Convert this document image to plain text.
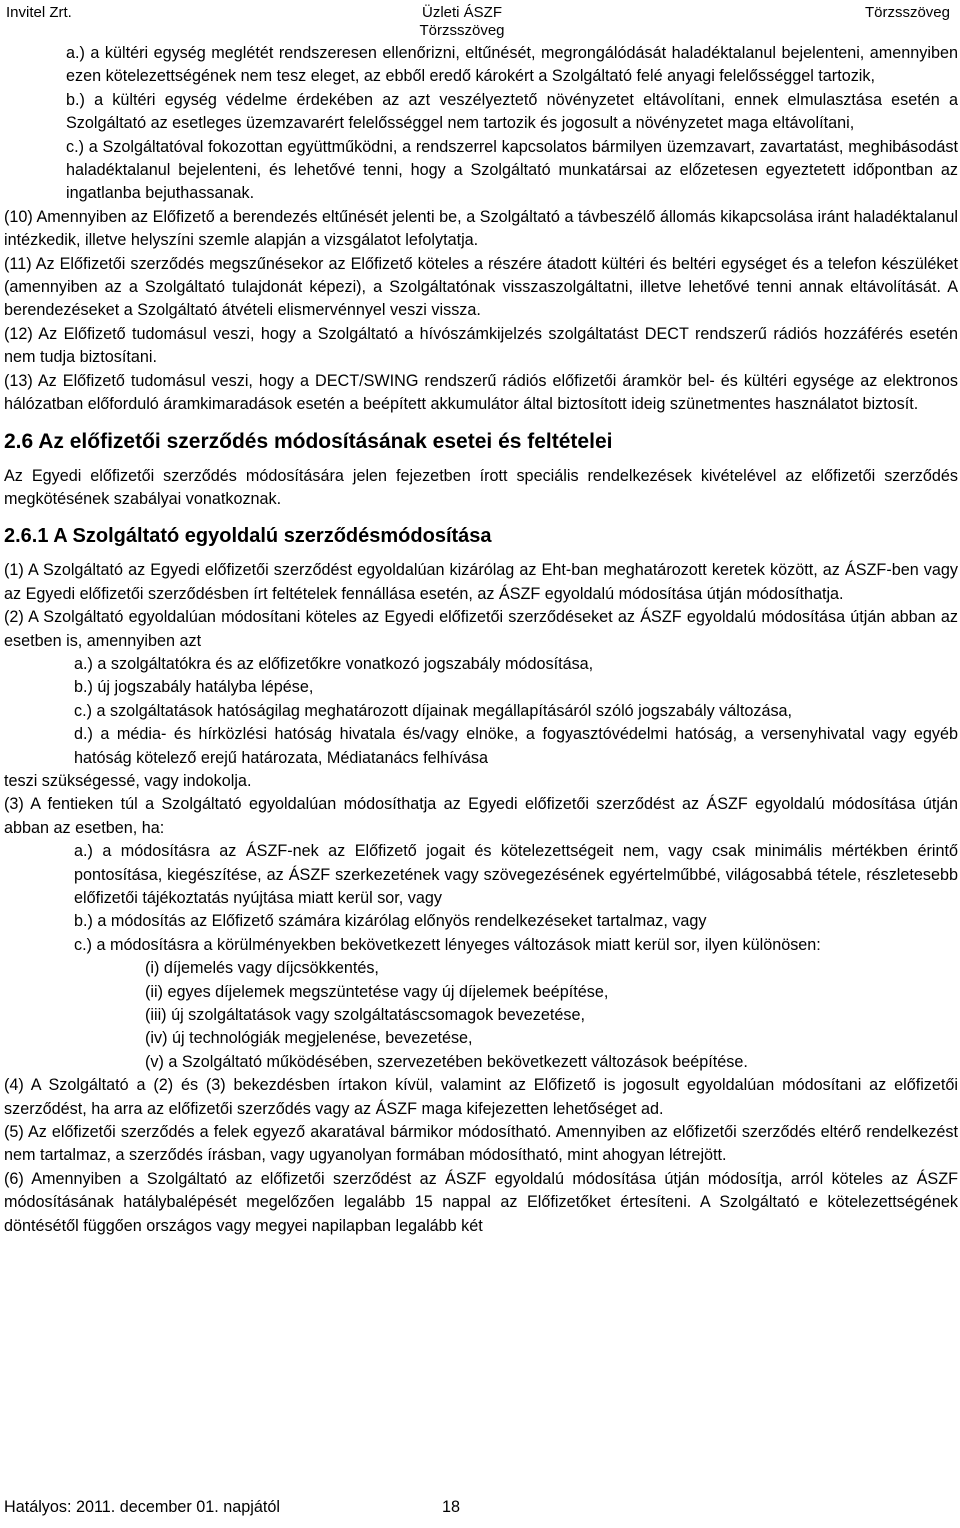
Invitel Zrt.	Üzleti ÁSZF
Törzsszöveg
Törzsszöveg

a.) a kültéri egység meglétét rendszeresen ellenőrizni, eltűnését, megrongálódását haladéktalanul bejelenteni, amennyiben ezen kötelezettségének nem tesz eleget, az ebből eredő károkért a Szolgáltató felé anyagi felelősséggel tartozik,

b.) a kültéri egység védelme érdekében az azt veszélyeztető növényzetet eltávolítani, ennek elmulasztása esetén a Szolgáltató az esetleges üzemzavarért felelősséggel nem tartozik és jogosult a növényzetet maga eltávolítani,

c.) a Szolgáltatóval fokozottan együttműködni, a rendszerrel kapcsolatos bármilyen üzemzavart, zavartatást, meghibásodást haladéktalanul bejelenteni, és lehetővé tenni, hogy a Szolgáltató munkatársai az előzetesen egyeztetett időpontban az ingatlanba bejuthassanak.

(10) Amennyiben az Előfizető a berendezés eltűnését jelenti be, a Szolgáltató a távbeszélő állomás kikapcsolása iránt haladéktalanul intézkedik, illetve helyszíni szemle alapján a vizsgálatot lefolytatja.

(11) Az Előfizetői szerződés megszűnésekor az Előfizető köteles a részére átadott kültéri és beltéri egységet és a telefon készüléket (amennyiben az a Szolgáltató tulajdonát képezi), a Szolgáltatónak visszaszolgáltatni, illetve lehetővé tenni annak eltávolítását. A berendezéseket a Szolgáltató átvételi elismervénnyel veszi vissza.

(12) Az Előfizető tudomásul veszi, hogy a Szolgáltató a hívószámkijelzés szolgáltatást DECT rendszerű rádiós hozzáférés esetén nem tudja biztosítani.

(13) Az Előfizető tudomásul veszi, hogy a DECT/SWING rendszerű rádiós előfizetői áramkör bel- és kültéri egysége az elektronos hálózatban előforduló áramkimaradások esetén a beépített akkumulátor által biztosított ideig szünetmentes használatot biztosít.

2.6 Az előfizetői szerződés módosításának esetei és feltételei

Az Egyedi előfizetői szerződés módosítására jelen fejezetben írott speciális rendelkezések kivételével az előfizetői szerződés megkötésének szabályai vonatkoznak.

2.6.1 A Szolgáltató egyoldalú szerződésmódosítása

(1) A Szolgáltató az Egyedi előfizetői szerződést egyoldalúan kizárólag az Eht-ban meghatározott keretek között, az ÁSZF-ben vagy az Egyedi előfizetői szerződésben írt feltételek fennállása esetén, az ÁSZF egyoldalú módosítása útján módosíthatja.

(2) A Szolgáltató egyoldalúan módosítani köteles az Egyedi előfizetői szerződéseket az ÁSZF egyoldalú módosítása útján abban az esetben is, amennyiben azt

a.) a szolgáltatókra és az előfizetőkre vonatkozó jogszabály módosítása,

b.) új jogszabály hatályba lépése,

c.) a szolgáltatások hatóságilag meghatározott díjainak megállapításáról szóló jogszabály változása,

d.) a média- és hírközlési hatóság hivatala és/vagy elnöke, a fogyasztóvédelmi hatóság, a versenyhivatal vagy egyéb hatóság kötelező erejű határozata, Médiatanács felhívása

teszi szükségessé, vagy indokolja.

(3) A fentieken túl a Szolgáltató egyoldalúan módosíthatja az Egyedi előfizetői szerződést az ÁSZF egyoldalú módosítása útján abban az esetben, ha:

a.) a módosításra az ÁSZF-nek az Előfizető jogait és kötelezettségeit nem, vagy csak minimális mértékben érintő pontosítása, kiegészítése, az ÁSZF szerkezetének vagy szövegezésének egyértelműbbé, világosabbá tétele, részletesebb előfizetői tájékoztatás nyújtása miatt kerül sor, vagy

b.) a módosítás az Előfizető számára kizárólag előnyös rendelkezéseket tartalmaz, vagy

c.) a módosításra a körülményekben bekövetkezett lényeges változások miatt kerül sor, ilyen különösen:

(i) díjemelés vagy díjcsökkentés,

(ii) egyes díjelemek megszüntetése vagy új díjelemek beépítése,

(iii) új szolgáltatások vagy szolgáltatáscsomagok bevezetése,

(iv) új technológiák megjelenése, bevezetése,

(v) a Szolgáltató működésében, szervezetében bekövetkezett változások beépítése.

(4) A Szolgáltató a (2) és (3) bekezdésben írtakon kívül, valamint az Előfizető is jogosult egyoldalúan módosítani az előfizetői szerződést, ha arra az előfizetői szerződés vagy az ÁSZF maga kifejezetten lehetőséget ad.

(5) Az előfizetői szerződés a felek egyező akaratával bármikor módosítható. Amennyiben az előfizetői szerződés eltérő rendelkezést nem tartalmaz, a szerződés írásban, vagy ugyanolyan formában módosítható, mint ahogyan létrejött.

(6) Amennyiben a Szolgáltató az előfizetői szerződést az ÁSZF egyoldalú módosítása útján módosítja, arról köteles az ÁSZF módosításának hatálybalépését megelőzően legalább 15 nappal az Előfizetőket értesíteni. A Szolgáltató e kötelezettségének döntésétől függően országos vagy megyei napilapban legalább két

Hatályos: 2011. december 01. napjától	18
